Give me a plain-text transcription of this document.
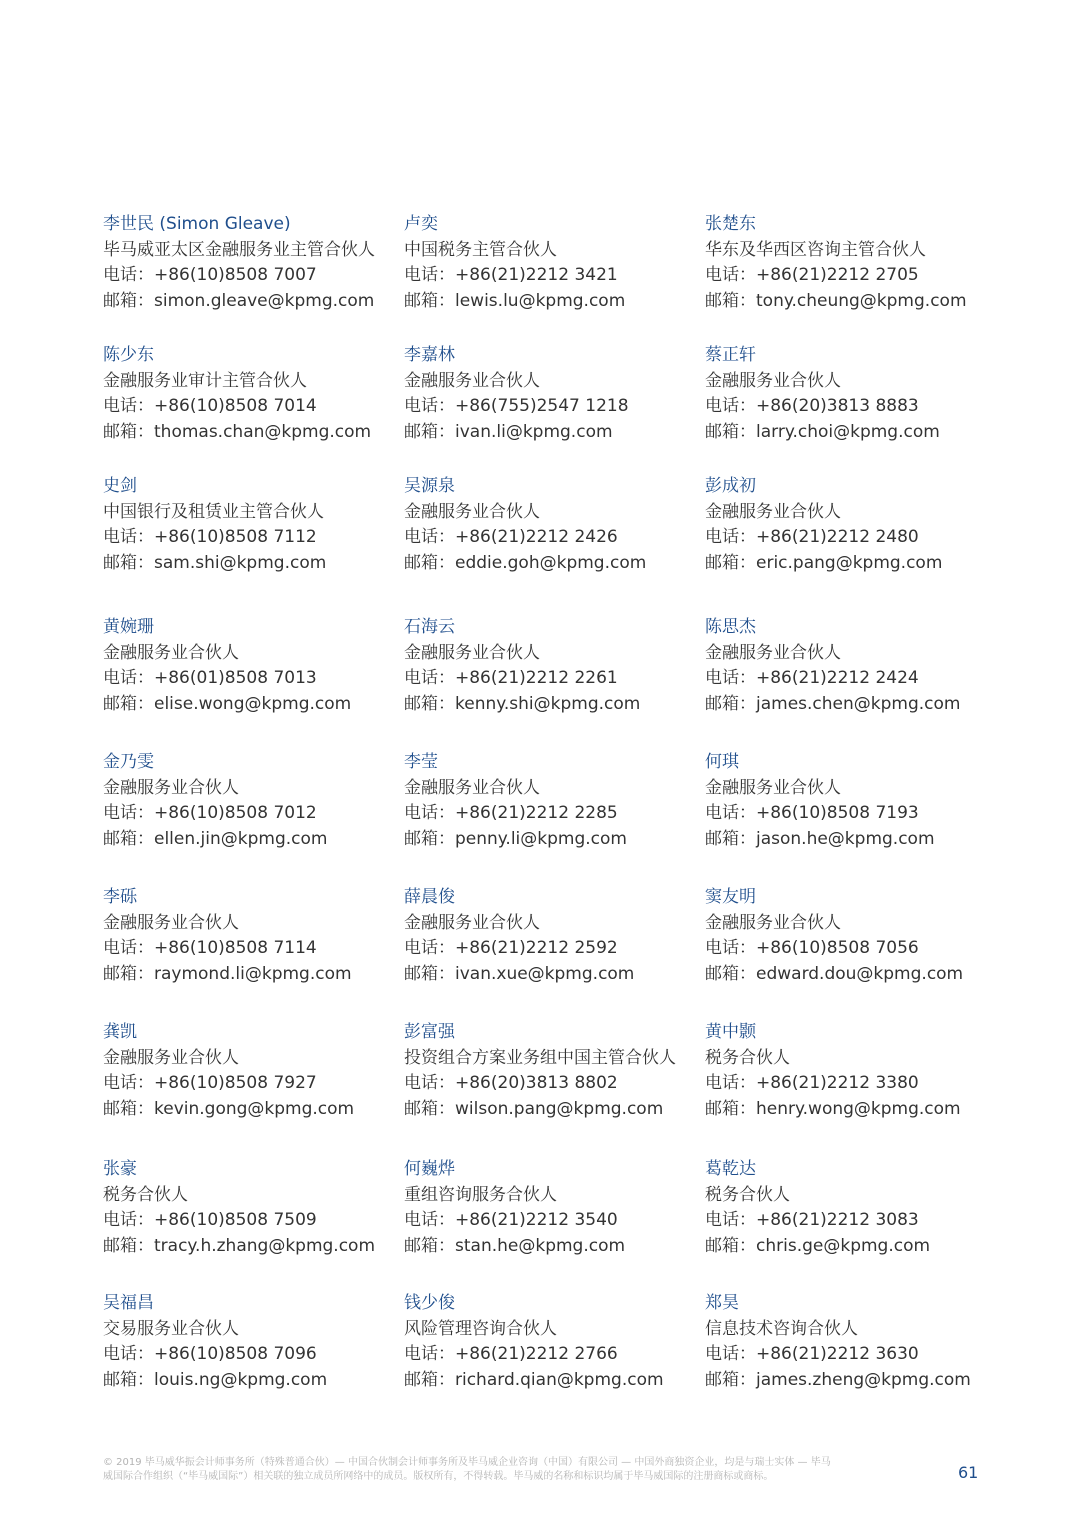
李世民 (Simon Gleave)
毕马威亚太区金融服务业主管合伙人
电话：+86(10)8508 7007
邮箱：simon.gleave@kpmg.com
卢奕
中国税务主管合伙人
电话：+86(21)2212 3421
邮箱：lewis.lu@kpmg.com
张楚东
华东及华西区咨询主管合伙人
电话：+86(21)2212 2705
邮箱：tony.cheung@kpmg.com
陈少东
金融服务业审计主管合伙人
电话：+86(10)8508 7014
邮箱：thomas.chan@kpmg.com
李嘉林
金融服务业合伙人
电话：+86(755)2547 1218
邮箱：ivan.li@kpmg.com
蔡正轩
金融服务业合伙人
电话：+86(20)3813 8883
邮箱：larry.choi@kpmg.com
史剑
中国银行及租赁业主管合伙人
电话：+86(10)8508 7112
邮箱：sam.shi@kpmg.com
吴源泉
金融服务业合伙人
电话：+86(21)2212 2426
邮箱：eddie.goh@kpmg.com
彭成初
金融服务业合伙人
电话：+86(21)2212 2480
邮箱：eric.pang@kpmg.com
黄婉珊
金融服务业合伙人
电话：+86(01)8508 7013
邮箱：elise.wong@kpmg.com
石海云
金融服务业合伙人
电话：+86(21)2212 2261
邮箱：kenny.shi@kpmg.com
陈思杰
金融服务业合伙人
电话：+86(21)2212 2424
邮箱：james.chen@kpmg.com
金乃雯
金融服务业合伙人
电话：+86(10)8508 7012
邮箱：ellen.jin@kpmg.com
李莹
金融服务业合伙人
电话：+86(21)2212 2285
邮箱：penny.li@kpmg.com
何琪
金融服务业合伙人
电话：+86(10)8508 7193
邮箱：jason.he@kpmg.com
李砾
金融服务业合伙人
电话：+86(10)8508 7114
邮箱：raymond.li@kpmg.com
薛晨俊
金融服务业合伙人
电话：+86(21)2212 2592
邮箱：ivan.xue@kpmg.com
窦友明
金融服务业合伙人
电话：+86(10)8508 7056
邮箱：edward.dou@kpmg.com
龚凯
金融服务业合伙人
电话：+86(10)8508 7927
邮箱：kevin.gong@kpmg.com
彭富强
投资组合方案业务组中国主管合伙人
电话：+86(20)3813 8802
邮箱：wilson.pang@kpmg.com
黄中颢
税务合伙人
电话：+86(21)2212 3380
邮箱：henry.wong@kpmg.com
张豪
税务合伙人
电话：+86(10)8508 7509
邮箱：tracy.h.zhang@kpmg.com
何巍烨
重组咨询服务合伙人
电话：+86(21)2212 3540
邮箱：stan.he@kpmg.com
葛乾达
税务合伙人
电话：+86(21)2212 3083
邮箱：chris.ge@kpmg.com
吴福昌
交易服务业合伙人
电话：+86(10)8508 7096
邮箱：louis.ng@kpmg.com
钱少俊
风险管理咨询合伙人
电话：+86(21)2212 2766
邮箱：richard.qian@kpmg.com
郑昊
信息技术咨询合伙人
电话：+86(21)2212 3630
邮箱：james.zheng@kpmg.com
© 2019 毕马威华振会计师事务所（特殊普通合伙）— 中国合伙制会计师事务所及毕马威企业咨询（中国）有限公司 — 中国外商独资企业，均是与瑞士实体 — 毕马威国际合作组织（“毕马威国际”）相关联的独立成员所网络中的成员。版权所有，不得转载。毕马威的名称和标识均属于毕马威国际的注册商标或商标。	61
